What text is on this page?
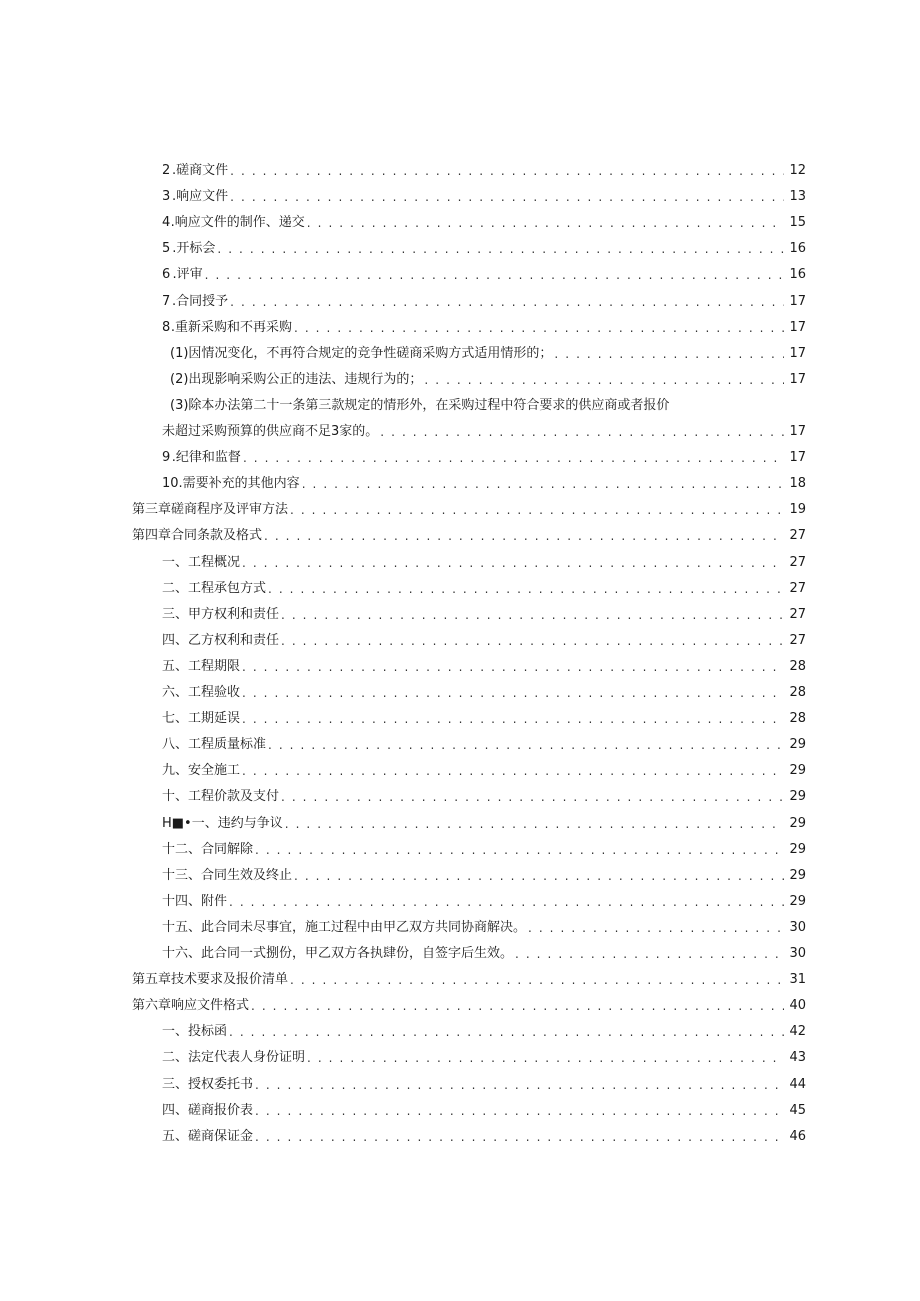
2 .磋商文件 . . .	12
3 .响应文件 . . .	13
4 .响应文件的制作、递交 . . .	15
5 .开标会 . . .	16
6 .评审 . . .	16
7 .合同授予 . . .	17
8 .重新采购和不再采购 . . .	17
(1)因情况变化，不再符合规定的竞争性磋商采购方式适用情形的； . . .	17
(2)出现影响采购公正的违法、违规行为的； . . .	17
(3)除本办法第二十一条第三款规定的情形外，在采购过程中符合要求的供应商或者报价
未超过采购预算的供应商不足3家的。 . . .	17
9 .纪律和监督 . . .	17
10 .需要补充的其他内容 . . .	18
第三章磋商程序及评审方法 . . .	19
第四章合同条款及格式 . . .	27
一、工程概况 . . .	27
二、工程承包方式 . . .	27
三、甲方权利和责任 . . .	27
四、乙方权利和责任 . . .	27
五、工程期限 . . .	28
六、工程验收 . . .	28
七、工期延误 . . .	28
八、工程质量标准 . . .	29
九、安全施工 . . .	29
十、工程价款及支付 . . .	29
H■•一、违约与争议 . . .	29
十二、合同解除 . . .	29
十三、合同生效及终止 . . .	29
十四、附件 . . .	29
十五、此合同未尽事宜，施工过程中由甲乙双方共同协商解决。 . . .	30
十六、此合同一式捌份，甲乙双方各执肆份，自签字后生效。 . . .	30
第五章技术要求及报价清单 . . .	31
第六章响应文件格式 . . .	40
一、投标函 . . .	42
二、法定代表人身份证明 . . .	43
三、授权委托书 . . .	44
四、磋商报价表 . . .	45
五、磋商保证金 . . .	46
